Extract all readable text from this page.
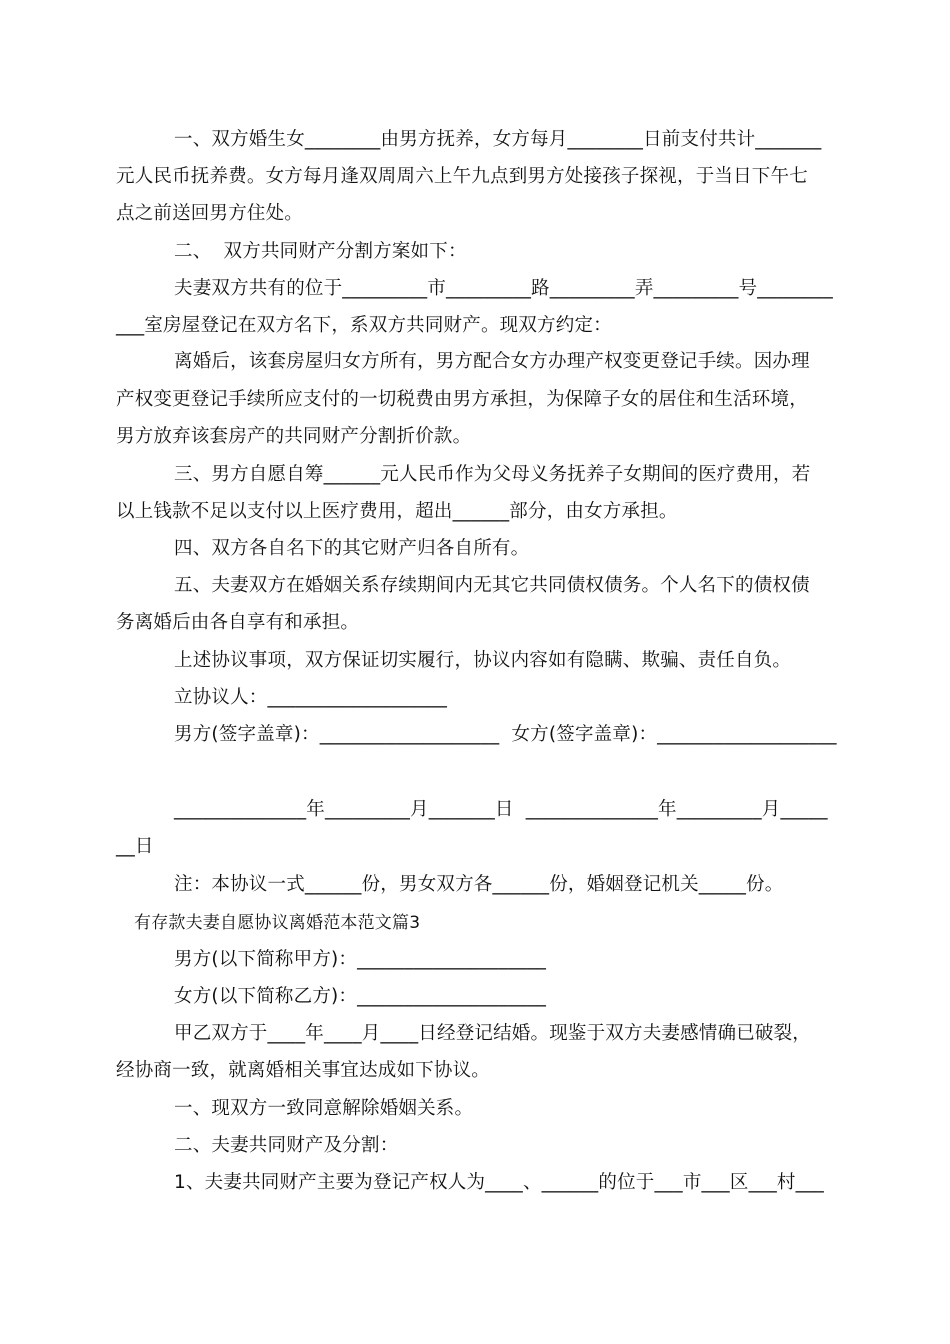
一、双方婚生女________由男方抚养，女方每月________日前支付共计_______
元人民币抚养费。女方每月逢双周周六上午九点到男方处接孩子探视，于当日下午七
点之前送回男方住处。
二、  双方共同财产分割方案如下：
夫妻双方共有的位于_________市_________路_________弄_________号________
___室房屋登记在双方名下，系双方共同财产。现双方约定：
离婚后，该套房屋归女方所有，男方配合女方办理产权变更登记手续。因办理
产权变更登记手续所应支付的一切税费由男方承担，为保障子女的居住和生活环境，
男方放弃该套房产的共同财产分割折价款。
三、男方自愿自筹______元人民币作为父母义务抚养子女期间的医疗费用，若
以上钱款不足以支付以上医疗费用，超出______部分，由女方承担。
四、双方各自名下的其它财产归各自所有。
五、夫妻双方在婚姻关系存续期间内无其它共同债权债务。个人名下的债权债
务离婚后由各自享有和承担。
上述协议事项，双方保证切实履行，协议内容如有隐瞒、欺骗、责任自负。
立协议人：___________________
男方(签字盖章)：___________________  女方(签字盖章)：___________________
______________年_________月_______日  ______________年_________月_____
__日
注：本协议一式______份，男女双方各______份，婚姻登记机关_____份。
有存款夫妻自愿协议离婚范本范文篇3
男方(以下简称甲方)：____________________
女方(以下简称乙方)：____________________
甲乙双方于____年____月____日经登记结婚。现鉴于双方夫妻感情确已破裂，
经协商一致，就离婚相关事宜达成如下协议。
一、现双方一致同意解除婚姻关系。
二、夫妻共同财产及分割：
1、夫妻共同财产主要为登记产权人为____、______的位于___市___区___村___
